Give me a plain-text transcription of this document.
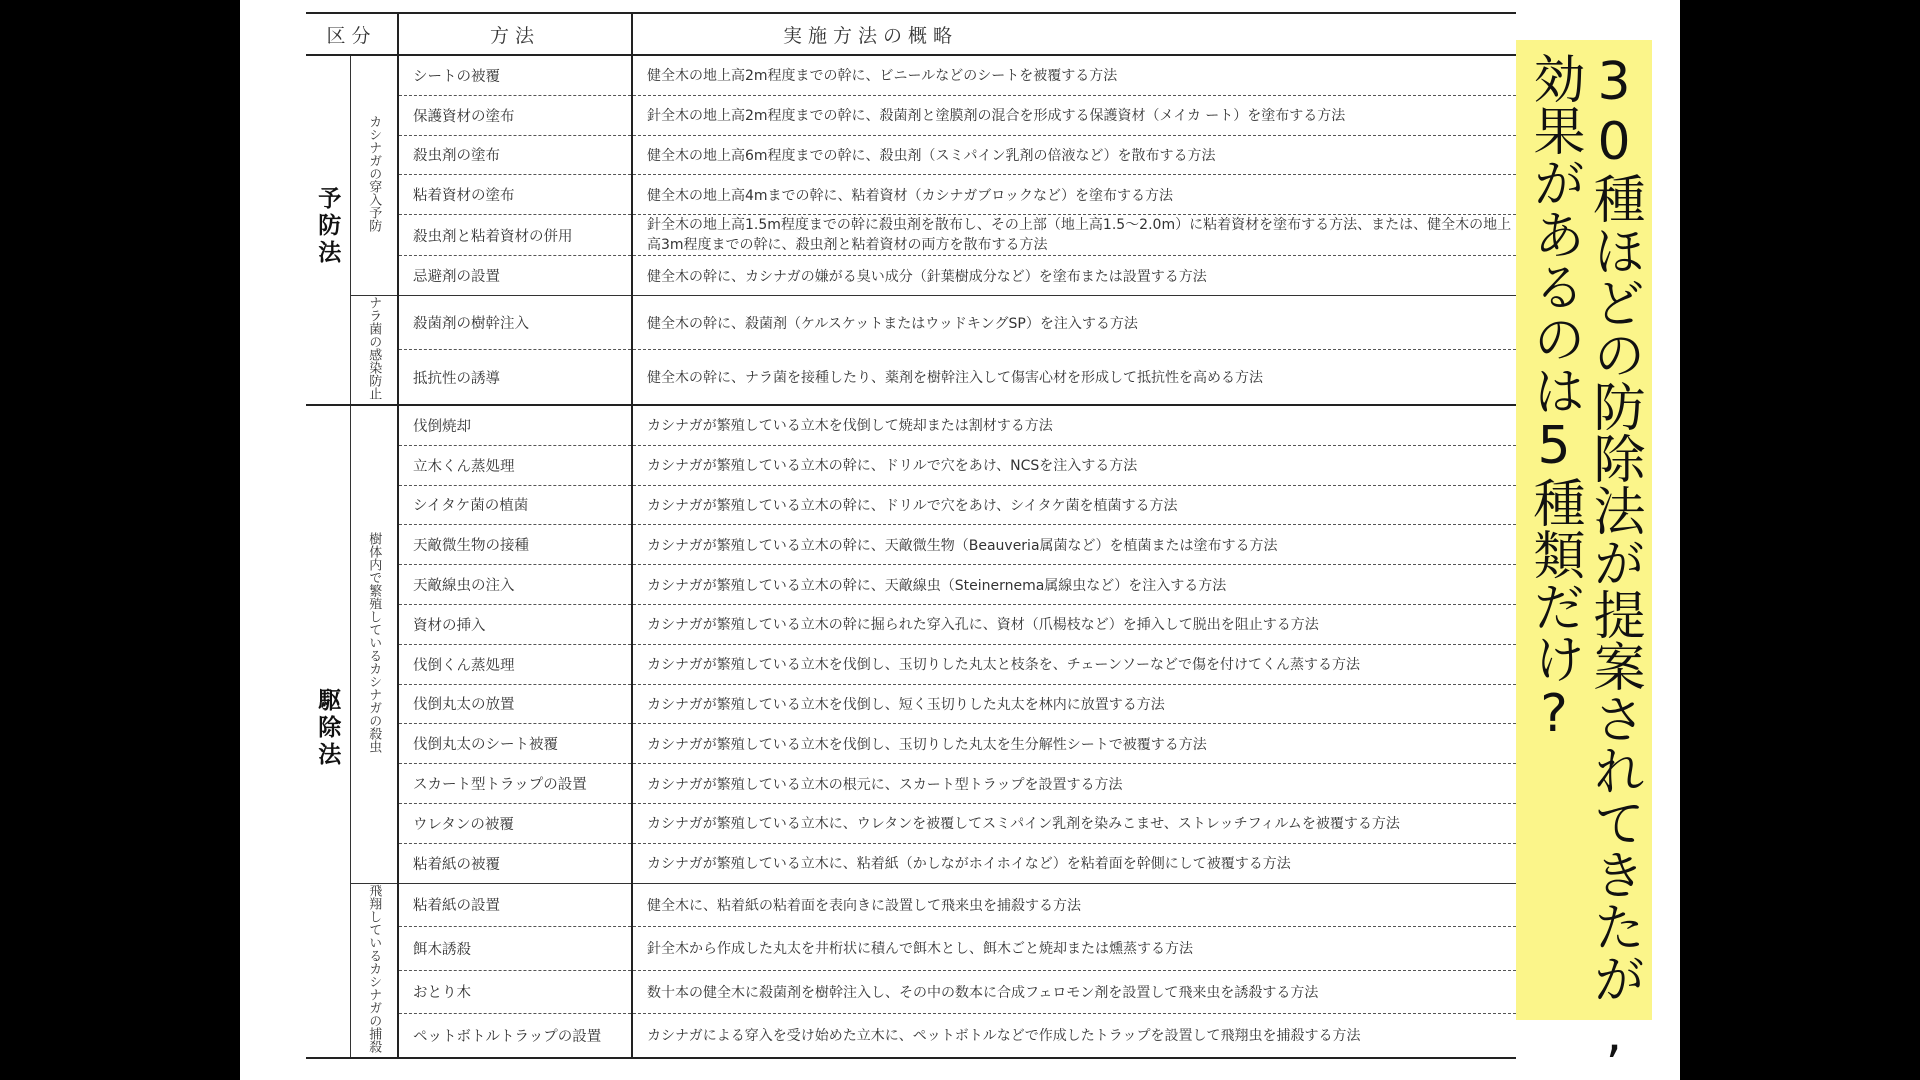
区分		方法	実施方法の概略
予防法	カシナガの穿入予防	シートの被覆	健全木の地上高2m程度までの幹に、ビニールなどのシートを被覆する方法
		保護資材の塗布	針全木の地上高2m程度までの幹に、殺菌剤と塗膜剤の混合を形成する保護資材（メイカ ート）を塗布する方法
		殺虫剤の塗布	健全木の地上高6m程度までの幹に、殺虫剤（スミパイン乳剤の倍液など）を散布する方法
		粘着資材の塗布	健全木の地上高4mまでの幹に、粘着資材（カシナガブロックなど）を塗布する方法
		殺虫剤と粘着資材の併用	針全木の地上高1.5m程度までの幹に殺虫剤を散布し、その上部（地上高1.5～2.0m）に粘着資材を塗布する方法、または、健全木の地上高3m程度までの幹に、殺虫剤と粘着資材の両方を散布する方法
		忌避剤の設置	健全木の幹に、カシナガの嫌がる臭い成分（針葉樹成分など）を塗布または設置する方法
	ナラ菌の感染防止	殺菌剤の樹幹注入	健全木の幹に、殺菌剤（ケルスケットまたはウッドキングSP）を注入する方法
		抵抗性の誘導	健全木の幹に、ナラ菌を接種したり、薬剤を樹幹注入して傷害心材を形成して抵抗性を高める方法
駆除法	樹体内で繁殖しているカシナガの殺虫	伐倒焼却	カシナガが繁殖している立木を伐倒して焼却または割材する方法
		立木くん蒸処理	カシナガが繁殖している立木の幹に、ドリルで穴をあけ、NCSを注入する方法
		シイタケ菌の植菌	カシナガが繁殖している立木の幹に、ドリルで穴をあけ、シイタケ菌を植菌する方法
		天敵微生物の接種	カシナガが繁殖している立木の幹に、天敵微生物（Beauveria属菌など）を植菌または塗布する方法
		天敵線虫の注入	カシナガが繁殖している立木の幹に、天敵線虫（Steinernema属線虫など）を注入する方法
		資材の挿入	カシナガが繁殖している立木の幹に掘られた穿入孔に、資材（爪楊枝など）を挿入して脱出を阻止する方法
		伐倒くん蒸処理	カシナガが繁殖している立木を伐倒し、玉切りした丸太と枝条を、チェーンソーなどで傷を付けてくん蒸する方法
		伐倒丸太の放置	カシナガが繁殖している立木を伐倒し、短く玉切りした丸太を林内に放置する方法
		伐倒丸太のシート被覆	カシナガが繁殖している立木を伐倒し、玉切りした丸太を生分解性シートで被覆する方法
		スカート型トラップの設置	カシナガが繁殖している立木の根元に、スカート型トラップを設置する方法
		ウレタンの被覆	カシナガが繁殖している立木に、ウレタンを被覆してスミパイン乳剤を染みこませ、ストレッチフィルムを被覆する方法
		粘着紙の被覆	カシナガが繁殖している立木に、粘着紙（かしながホイホイなど）を粘着面を幹側にして被覆する方法
	飛翔しているカシナガの捕殺	粘着紙の設置	健全木に、粘着紙の粘着面を表向きに設置して飛来虫を捕殺する方法
		餌木誘殺	針全木から作成した丸太を井桁状に積んで餌木とし、餌木ごと焼却または燻蒸する方法
		おとり木	数十本の健全木に殺菌剤を樹幹注入し、その中の数本に合成フェロモン剤を設置して飛来虫を誘殺する方法
		ペットボトルトラップの設置	カシナガによる穿入を受け始めた立木に、ペットボトルなどで作成したトラップを設置して飛翔虫を捕殺する方法	30種ほどの防除法が提案されてきたが,
効果があるのは5種類だけ?
